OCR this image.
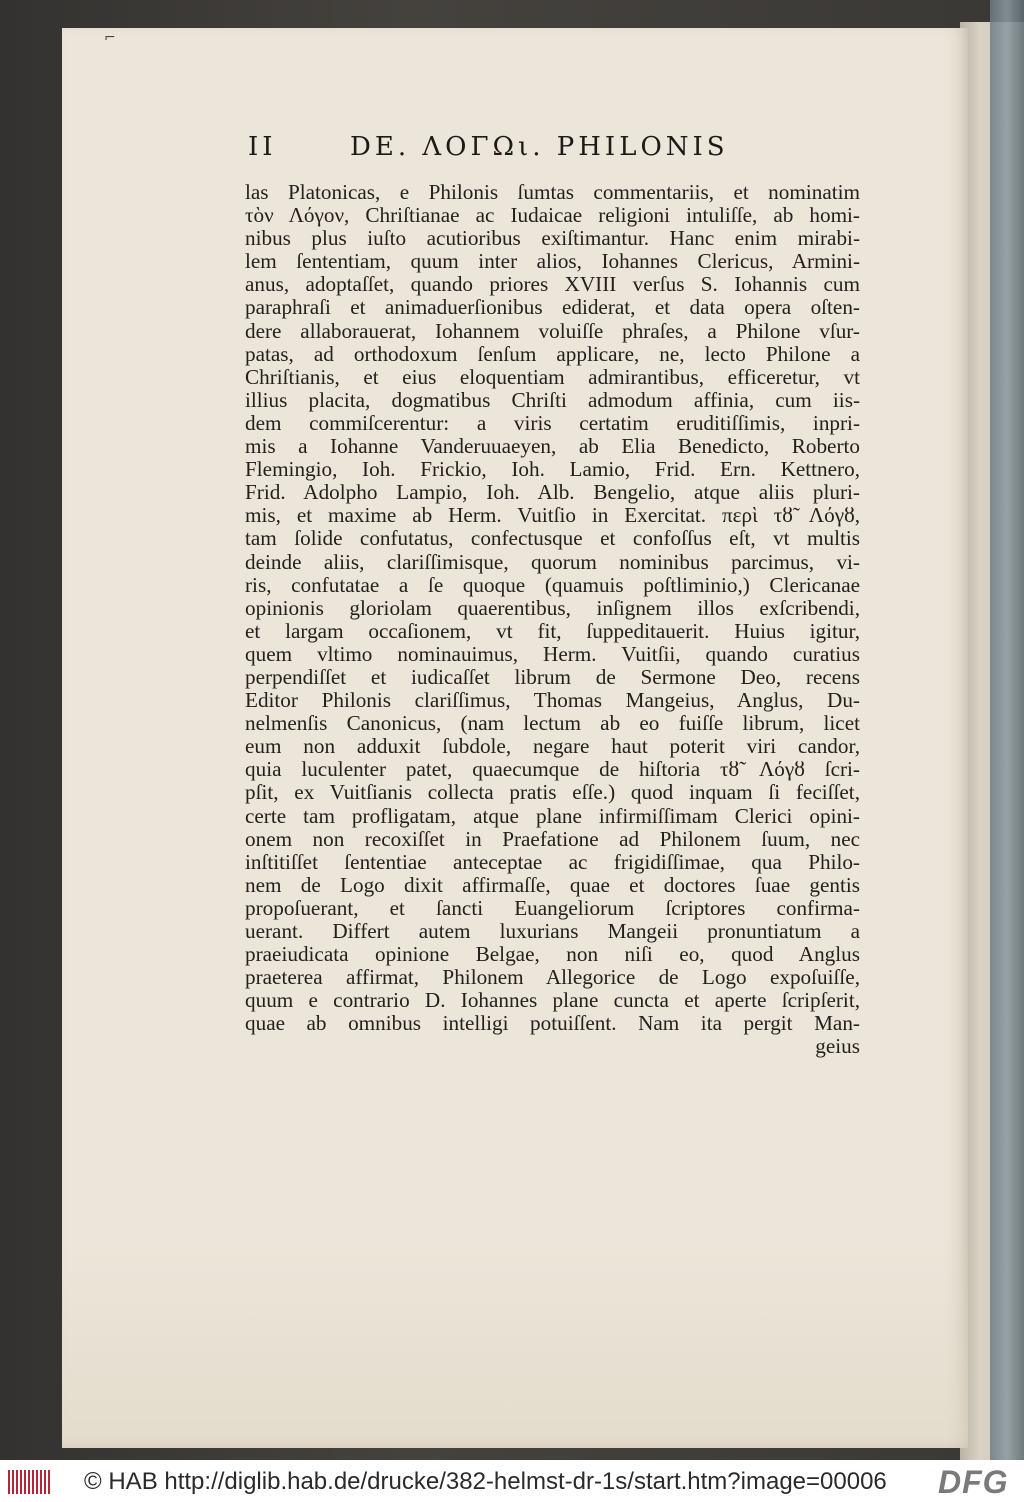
⌐
II	DE. ΛΟΓΩι. PHILONIS
las Platonicas, e Philonis ſumtas commentariis, et nominatim
τὸν Λόγον, Chriſtianae ac Iudaicae religioni intuliſſe, ab homi-
nibus plus iuſto acutioribus exiſtimantur. Hanc enim mirabi-
lem ſententiam, quum inter alios, Iohannes Clericus, Armini-
anus, adoptaſſet, quando priores XVIII verſus S. Iohannis cum
paraphraſi et animaduerſionibus ediderat, et data opera oſten-
dere allaborauerat, Iohannem voluiſſe phraſes, a Philone vſur-
patas, ad orthodoxum ſenſum applicare, ne, lecto Philone a
Chriſtianis, et eius eloquentiam admirantibus, efficeretur, vt
illius placita, dogmatibus Chriſti admodum affinia, cum iis-
dem commiſcerentur: a viris certatim eruditiſſimis, inpri-
mis a Iohanne Vanderuuaeyen, ab Elia Benedicto, Roberto
Flemingio, Ioh. Frickio, Ioh. Lamio, Frid. Ern. Kettnero,
Frid. Adolpho Lampio, Ioh. Alb. Bengelio, atque aliis pluri-
mis, et maxime ab Herm. Vuitſio in Exercitat. περὶ τȣ̃ Λόγȣ,
tam ſolide confutatus, confectusque et confoſſus eſt, vt multis
deinde aliis, clariſſimisque, quorum nominibus parcimus, vi-
ris, confutatae a ſe quoque (quamuis poſtliminio,) Clericanae
opinionis gloriolam quaerentibus, inſignem illos exſcribendi,
et largam occaſionem, vt fit, ſuppeditauerit. Huius igitur,
quem vltimo nominauimus, Herm. Vuitſii, quando curatius
perpendiſſet et iudicaſſet librum de Sermone Deo, recens
Editor Philonis clariſſimus, Thomas Mangeius, Anglus, Du-
nelmenſis Canonicus, (nam lectum ab eo fuiſſe librum, licet
eum non adduxit ſubdole, negare haut poterit viri candor,
quia luculenter patet, quaecumque de hiſtoria τȣ̃ Λόγȣ ſcri-
pſit, ex Vuitſianis collecta pratis eſſe.) quod inquam ſi feciſſet,
certe tam profligatam, atque plane infirmiſſimam Clerici opini-
onem non recoxiſſet in Praefatione ad Philonem ſuum, nec
inſtitiſſet ſententiae anteceptae ac frigidiſſimae, qua Philo-
nem de Logo dixit affirmaſſe, quae et doctores ſuae gentis
propoſuerant, et ſancti Euangeliorum ſcriptores confirma-
uerant. Differt autem luxurians Mangeii pronuntiatum a
praeiudicata opinione Belgae, non niſi eo, quod Anglus
praeterea affirmat, Philonem Allegorice de Logo expoſuiſſe,
quum e contrario D. Iohannes plane cuncta et aperte ſcripſerit,
quae ab omnibus intelligi potuiſſent. Nam ita pergit Man-
geius
© HAB http://diglib.hab.de/drucke/382-helmst-dr-1s/start.htm?image=00006 DFG
